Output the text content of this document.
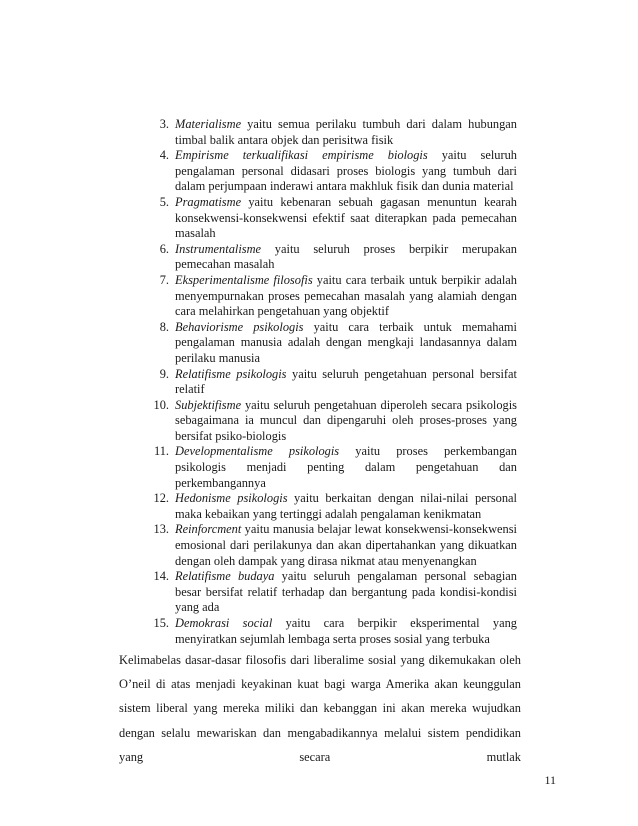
3. Materialisme yaitu semua perilaku tumbuh dari dalam hubungan timbal balik antara objek dan perisitwa fisik
4. Empirisme terkualifikasi empirisme biologis yaitu seluruh pengalaman personal didasari proses biologis yang tumbuh dari dalam perjumpaan inderawi antara makhluk fisik dan dunia material
5. Pragmatisme yaitu kebenaran sebuah gagasan menuntun kearah konsekwensi-konsekwensi efektif saat diterapkan pada pemecahan masalah
6. Instrumentalisme yaitu seluruh proses berpikir merupakan pemecahan masalah
7. Eksperimentalisme filosofis yaitu cara terbaik untuk berpikir adalah menyempurnakan proses pemecahan masalah yang alamiah dengan cara melahirkan pengetahuan yang objektif
8. Behaviorisme psikologis yaitu cara terbaik untuk memahami pengalaman manusia adalah dengan mengkaji landasannya dalam perilaku manusia
9. Relatifisme psikologis yaitu seluruh pengetahuan personal bersifat relatif
10. Subjektifisme yaitu seluruh pengetahuan diperoleh secara psikologis sebagaimana ia muncul dan dipengaruhi oleh proses-proses yang bersifat psiko-biologis
11. Developmentalisme psikologis yaitu proses perkembangan psikologis menjadi penting dalam pengetahuan dan perkembangannya
12. Hedonisme psikologis yaitu berkaitan dengan nilai-nilai personal maka kebaikan yang tertinggi adalah pengalaman kenikmatan
13. Reinforcment yaitu manusia belajar lewat konsekwensi-konsekwensi emosional dari perilakunya dan akan dipertahankan yang dikuatkan dengan oleh dampak yang dirasa nikmat atau menyenangkan
14. Relatifisme budaya yaitu seluruh pengalaman personal sebagian besar bersifat relatif terhadap dan bergantung pada kondisi-kondisi yang ada
15. Demokrasi social yaitu cara berpikir eksperimental yang menyiratkan sejumlah lembaga serta proses sosial yang terbuka

Kelimabelas dasar-dasar filosofis dari liberalime sosial yang dikemukakan oleh O’neil di atas menjadi keyakinan kuat bagi warga Amerika akan keunggulan sistem liberal yang mereka miliki dan kebanggan ini akan mereka wujudkan dengan selalu mewariskan dan mengabadikannya melalui sistem pendidikan yang secara mutlak

11
